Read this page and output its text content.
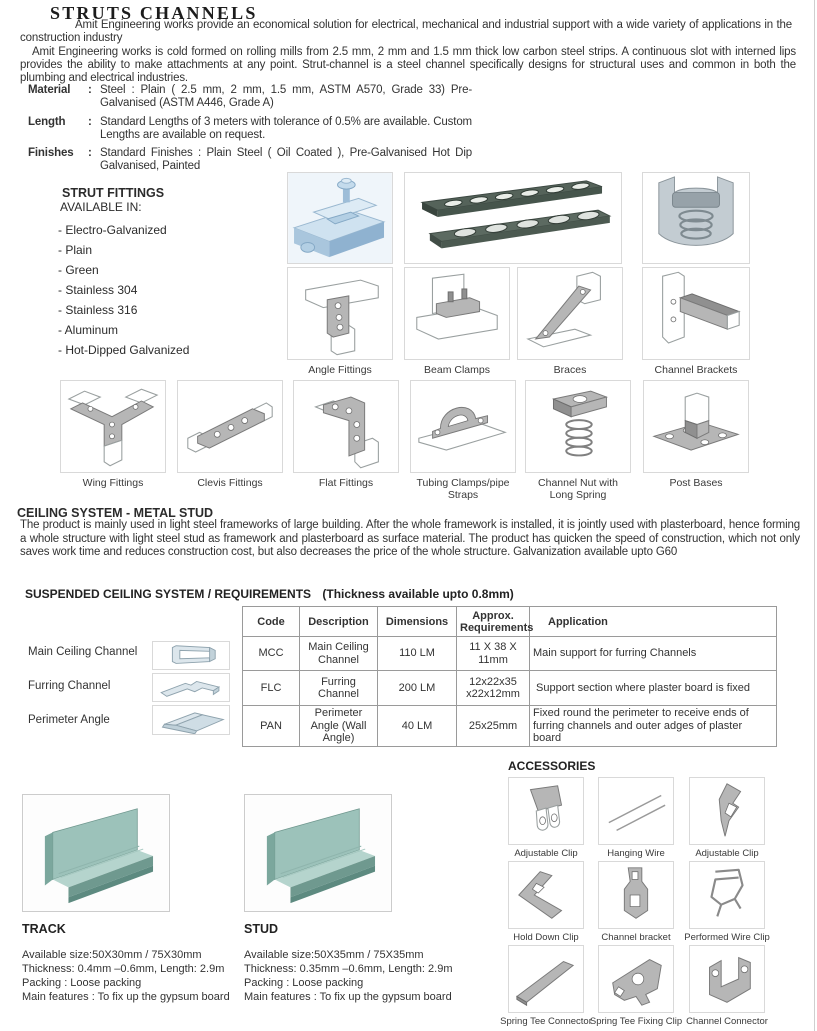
STRUTS CHANNELS
Amit Engineering works provide an economical solution for electrical, mechanical and industrial support with a wide variety of applications in the construction industry
Amit Engineering works is cold formed on rolling mills from 2.5 mm, 2 mm and 1.5 mm thick low carbon steel strips. A continuous slot with interned lips provides the ability to make attachments at any point. Strut-channel is a steel channel specifically designs for structural uses and common in both the plumbing and electrical industries.
Material	: Steel : Plain ( 2.5 mm, 2 mm, 1.5 mm, ASTM A570, Grade 33) Pre-Galvanised (ASTM A446, Grade A)
Length	: Standard Lengths of 3 meters with tolerance of 0.5% are available. Custom Lengths are available on request.
Finishes	: Standard Finishes : Plain Steel ( Oil Coated ), Pre-Galvanised Hot Dip Galvanised, Painted
STRUT FITTINGS
AVAILABLE IN:
- Electro-Galvanized
- Plain
- Green
- Stainless 304
- Stainless 316
- Aluminum
- Hot-Dipped Galvanized
Angle Fittings	Beam Clamps	Braces	Channel Brackets
Wing Fittings	Clevis Fittings	Flat Fittings	Tubing Clamps/pipe Straps
Channel Nut with Long Spring
Post Bases
CEILING SYSTEM - METAL STUD
The product is mainly used in light steel frameworks of large building. After the whole framework is installed, it is jointly used with plasterboard, hence forming a whole structure with light steel stud as framework and plasterboard as surface material. The product has quicken the speed of construction, which not only saves work time and reduces construction cost, but also decreases the price of the whole structure. Galvanization available upto G60
SUSPENDED CEILING SYSTEM / REQUIREMENTS (Thickness available upto 0.8mm)
Main Ceiling Channel
Furring Channel
Perimeter Angle
Code	Description	Dimensions	Approx. Requirements	Application
MCC	Main Ceiling Channel	110 LM	11 X 38 X 11mm	Main support for furring Channels
FLC	Furring Channel	200 LM	12x22x35 x22x12mm	Support section where plaster board is fixed
PAN	Perimeter Angle (Wall Angle)	40 LM	25x25mm	Fixed round the perimeter to receive ends of furring channels and outer adges of plaster board
TRACK
Available size:50X30mm / 75X30mm
Thickness: 0.4mm –0.6mm, Length: 2.9m
Packing : Loose packing
Main features : To fix up the gypsum board
STUD
Available size:50X35mm / 75X35mm
Thickness: 0.35mm –0.6mm, Length: 2.9m
Packing : Loose packing
Main features : To fix up the gypsum board
ACCESSORIES
Adjustable Clip	Hanging Wire	Adjustable Clip
Hold Down Clip	Channel bracket	Performed Wire Clip
Spring Tee Connector
Spring Tee Fixing Clip Channel Connector
